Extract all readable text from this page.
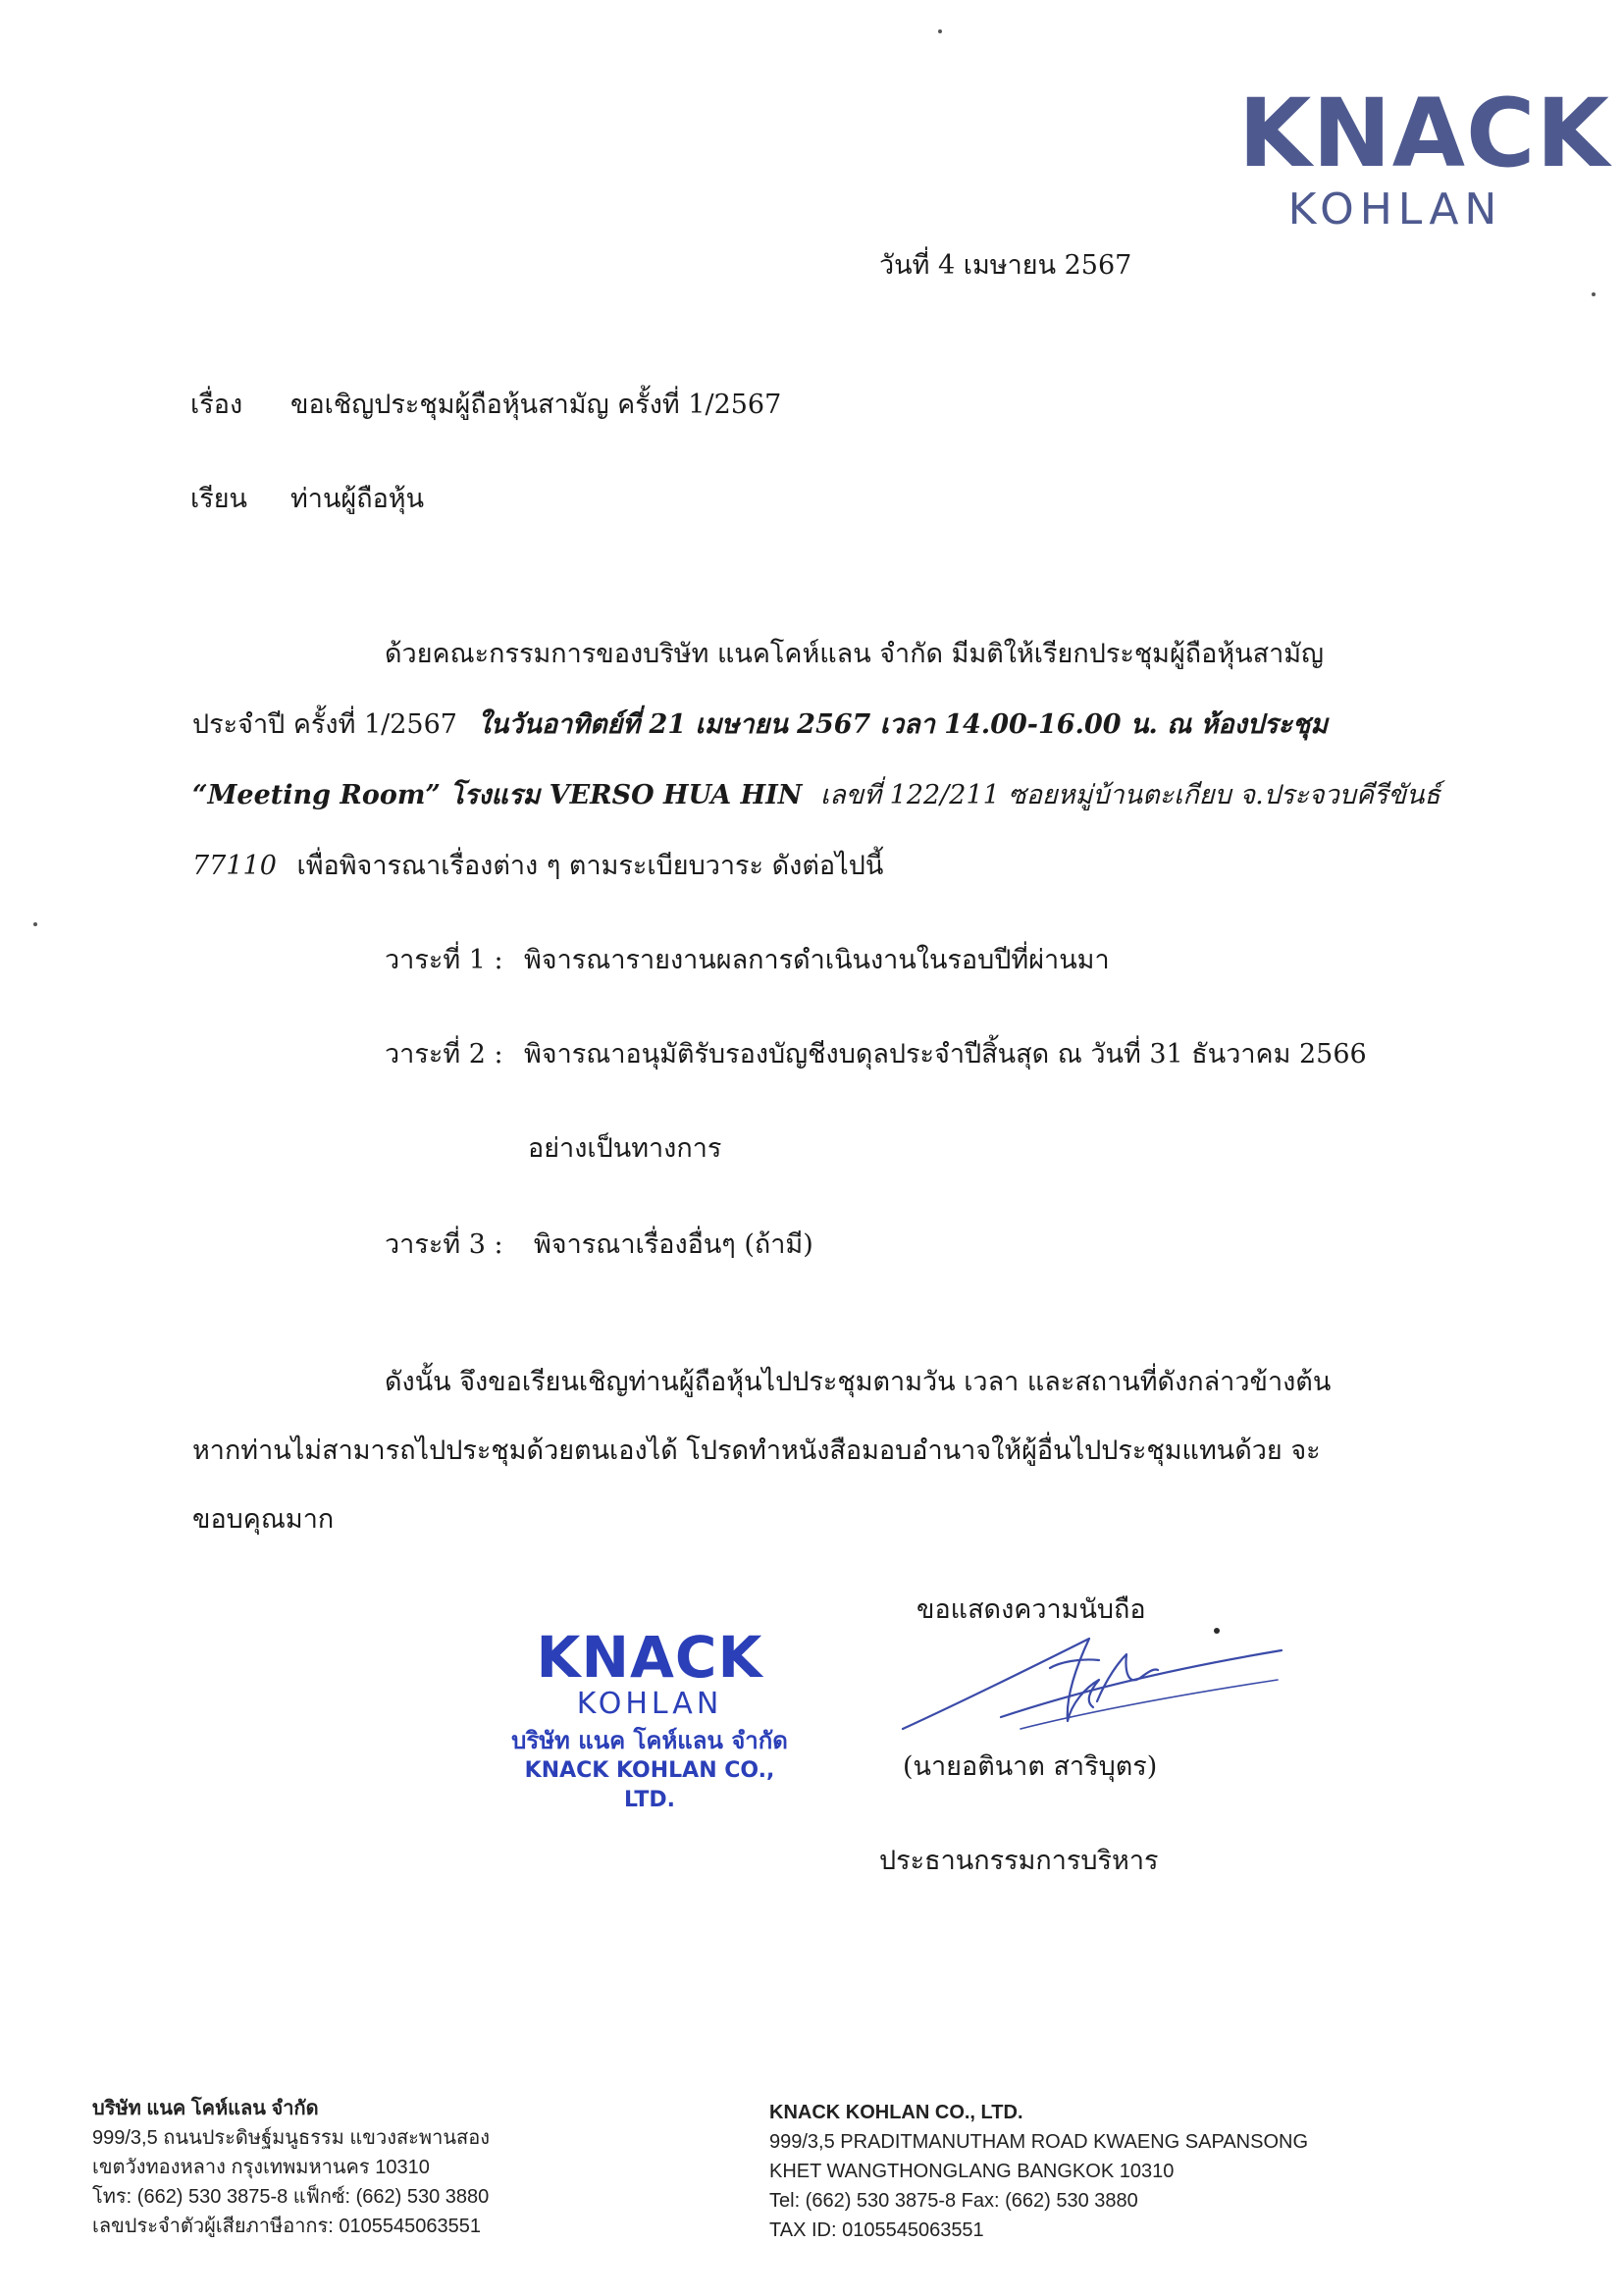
KNACK
KOHLAN
วันที่ 4 เมษายน 2567
เรื่อง ขอเชิญประชุมผู้ถือหุ้นสามัญ ครั้งที่ 1/2567
เรียน ท่านผู้ถือหุ้น
ด้วยคณะกรรมการของบริษัท แนคโคห์แลน จำกัด มีมติให้เรียกประชุมผู้ถือหุ้นสามัญ
ประจำปี ครั้งที่ 1/2567 ในวันอาทิตย์ที่ 21 เมษายน 2567 เวลา 14.00-16.00 น. ณ ห้องประชุม
“Meeting Room” โรงแรม VERSO HUA HIN เลขที่ 122/211 ซอยหมู่บ้านตะเกียบ จ.ประจวบคีรีขันธ์
77110 เพื่อพิจารณาเรื่องต่าง ๆ ตามระเบียบวาระ ดังต่อไปนี้
วาระที่ 1 : พิจารณารายงานผลการดำเนินงานในรอบปีที่ผ่านมา
วาระที่ 2 : พิจารณาอนุมัติรับรองบัญชีงบดุลประจำปีสิ้นสุด ณ วันที่ 31 ธันวาคม 2566
อย่างเป็นทางการ
วาระที่ 3 : พิจารณาเรื่องอื่นๆ (ถ้ามี)
ดังนั้น จึงขอเรียนเชิญท่านผู้ถือหุ้นไปประชุมตามวัน เวลา และสถานที่ดังกล่าวข้างต้น
หากท่านไม่สามารถไปประชุมด้วยตนเองได้ โปรดทำหนังสือมอบอำนาจให้ผู้อื่นไปประชุมแทนด้วย จะ
ขอบคุณมาก
ขอแสดงความนับถือ
(นายอตินาต สาริบุตร)
ประธานกรรมการบริหาร
KNACK
KOHLAN
บริษัท แนค โคห์แลน จำกัด
KNACK KOHLAN CO., LTD.
บริษัท แนค โคห์แลน จำกัด
999/3,5 ถนนประดิษฐ์มนูธรรม แขวงสะพานสอง
เขตวังทองหลาง กรุงเทพมหานคร 10310
โทร: (662) 530 3875-8 แฟ็กซ์: (662) 530 3880
เลขประจำตัวผู้เสียภาษีอากร: 0105545063551
KNACK KOHLAN CO., LTD.
999/3,5 PRADITMANUTHAM ROAD KWAENG SAPANSONG
KHET WANGTHONGLANG BANGKOK 10310
Tel: (662) 530 3875-8 Fax: (662) 530 3880
TAX ID: 0105545063551
